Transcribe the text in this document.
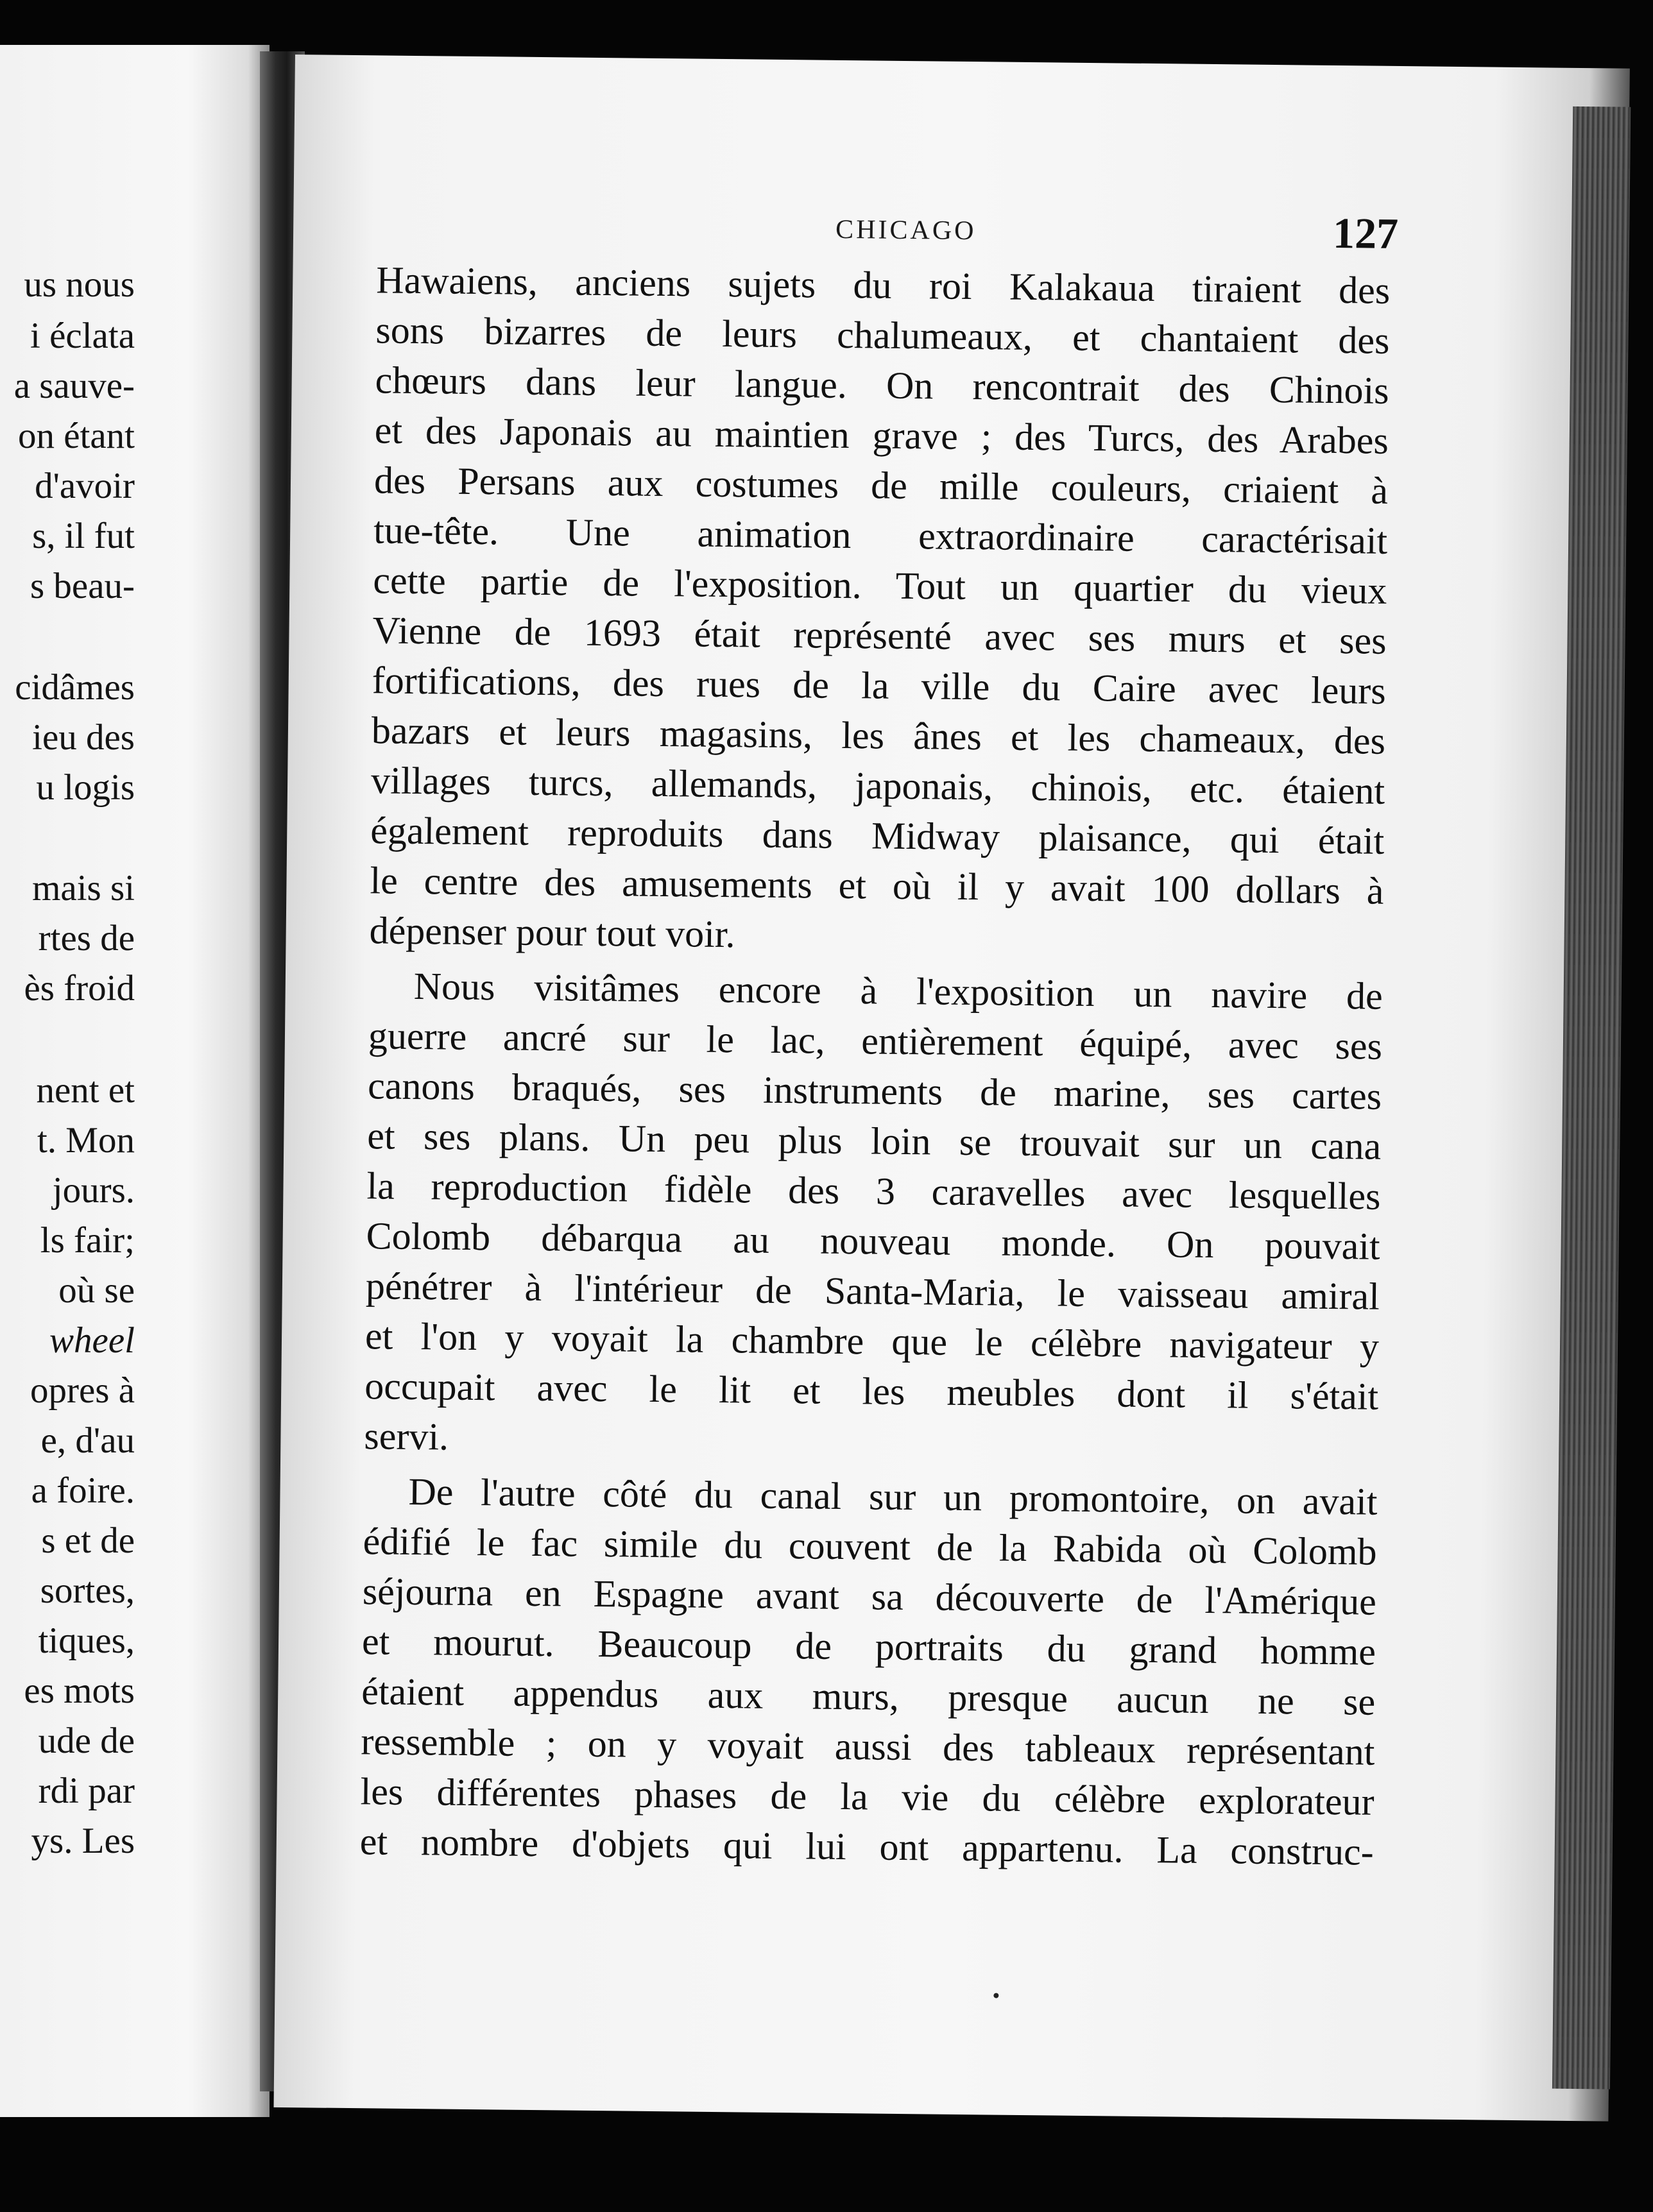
us nous
i éclata
a sauve-
on étant
d'avoir
s, il fut
s beau-
cidâmes
ieu des
u logis
mais si
rtes de
ès froid
nent et
t. Mon
jours.
ls fair;
où se
wheel
opres à
e, d'au
a foire.
s et de
sortes,
tiques,
es mots
ude de
rdi par
ys. Les
CHICAGO	127
Hawaiens, anciens sujets du roi Kalakaua tiraient des
sons bizarres de leurs chalumeaux, et chantaient des
chœurs dans leur langue. On rencontrait des Chinois
et des Japonais au maintien grave ; des Turcs, des Arabes
des Persans aux costumes de mille couleurs, criaient à
tue-tête. Une animation extraordinaire caractérisait
cette partie de l'exposition. Tout un quartier du vieux
Vienne de 1693 était représenté avec ses murs et ses
fortifications, des rues de la ville du Caire avec leurs
bazars et leurs magasins, les ânes et les chameaux, des
villages turcs, allemands, japonais, chinois, etc. étaient
également reproduits dans Midway plaisance, qui était
le centre des amusements et où il y avait 100 dollars à
dépenser pour tout voir.
Nous visitâmes encore à l'exposition un navire de
guerre ancré sur le lac, entièrement équipé, avec ses
canons braqués, ses instruments de marine, ses cartes
et ses plans. Un peu plus loin se trouvait sur un cana
la reproduction fidèle des 3 caravelles avec lesquelles
Colomb débarqua au nouveau monde. On pouvait
pénétrer à l'intérieur de Santa-Maria, le vaisseau amiral
et l'on y voyait la chambre que le célèbre navigateur y
occupait avec le lit et les meubles dont il s'était
servi.
De l'autre côté du canal sur un promontoire, on avait
édifié le fac simile du couvent de la Rabida où Colomb
séjourna en Espagne avant sa découverte de l'Amérique
et mourut. Beaucoup de portraits du grand homme
étaient appendus aux murs, presque aucun ne se
ressemble ; on y voyait aussi des tableaux représentant
les différentes phases de la vie du célèbre explorateur
et nombre d'objets qui lui ont appartenu. La construc-
